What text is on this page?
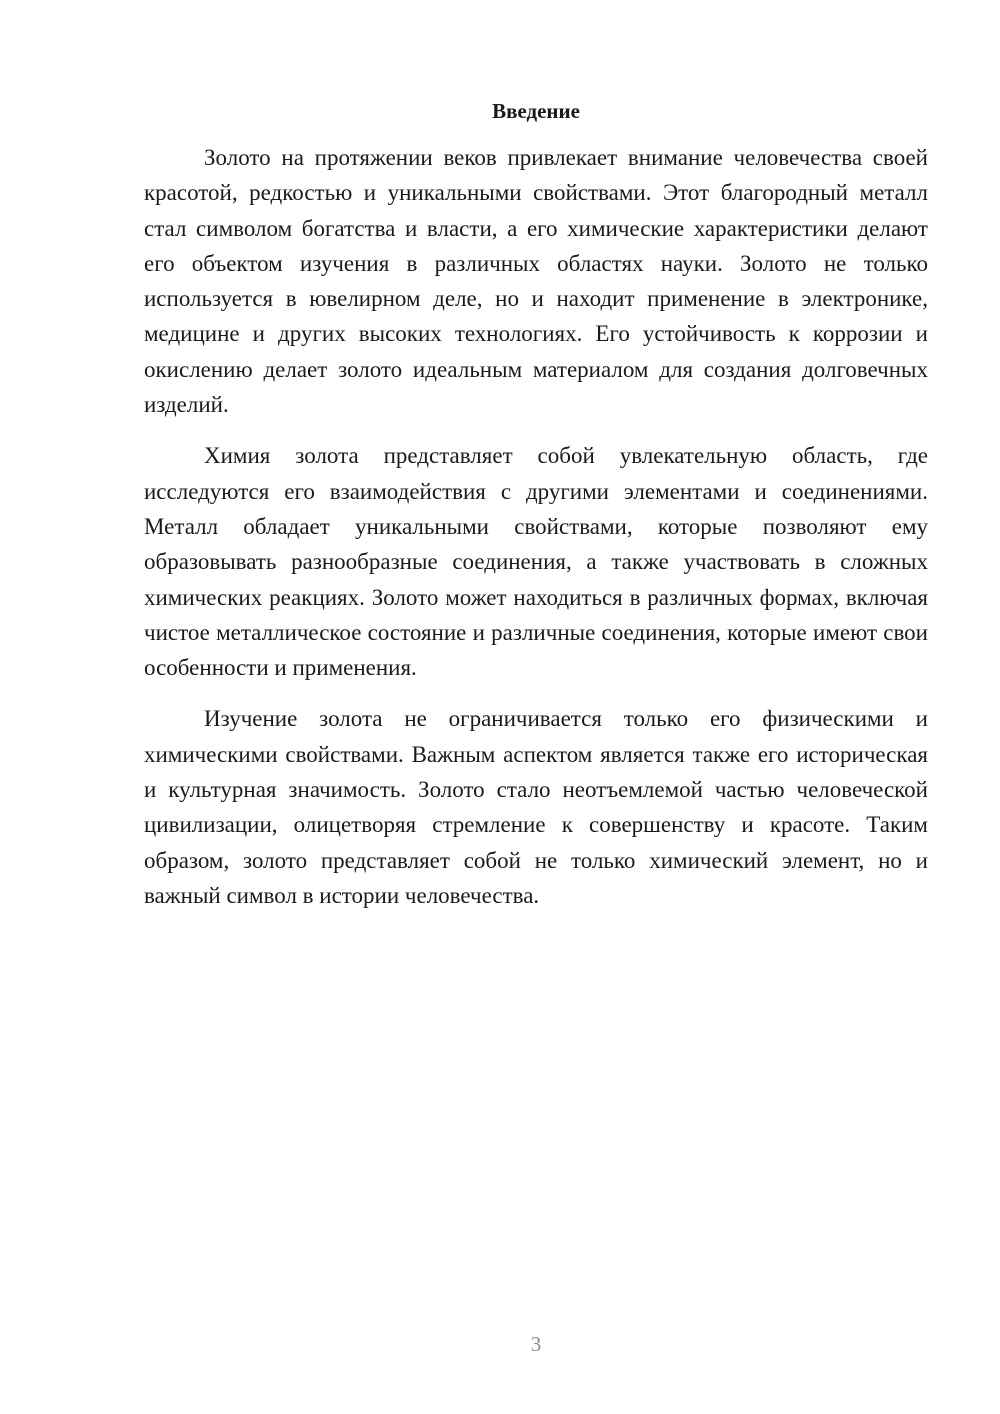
Введение

Золото на протяжении веков привлекает внимание человечества своей красотой, редкостью и уникальными свойствами. Этот благородный металл стал символом богатства и власти, а его химические характеристики делают его объектом изучения в различных областях науки. Золото не только используется в ювелирном деле, но и находит применение в электронике, медицине и других высоких технологиях. Его устойчивость к коррозии и окислению делает золото идеальным материалом для создания долговечных изделий.

Химия золота представляет собой увлекательную область, где исследуются его взаимодействия с другими элементами и соединениями. Металл обладает уникальными свойствами, которые позволяют ему образовывать разнообразные соединения, а также участвовать в сложных химических реакциях. Золото может находиться в различных формах, включая чистое металлическое состояние и различные соединения, которые имеют свои особенности и применения.

Изучение золота не ограничивается только его физическими и химическими свойствами. Важным аспектом является также его историческая и культурная значимость. Золото стало неотъемлемой частью человеческой цивилизации, олицетворяя стремление к совершенству и красоте. Таким образом, золото представляет собой не только химический элемент, но и важный символ в истории человечества.

3
